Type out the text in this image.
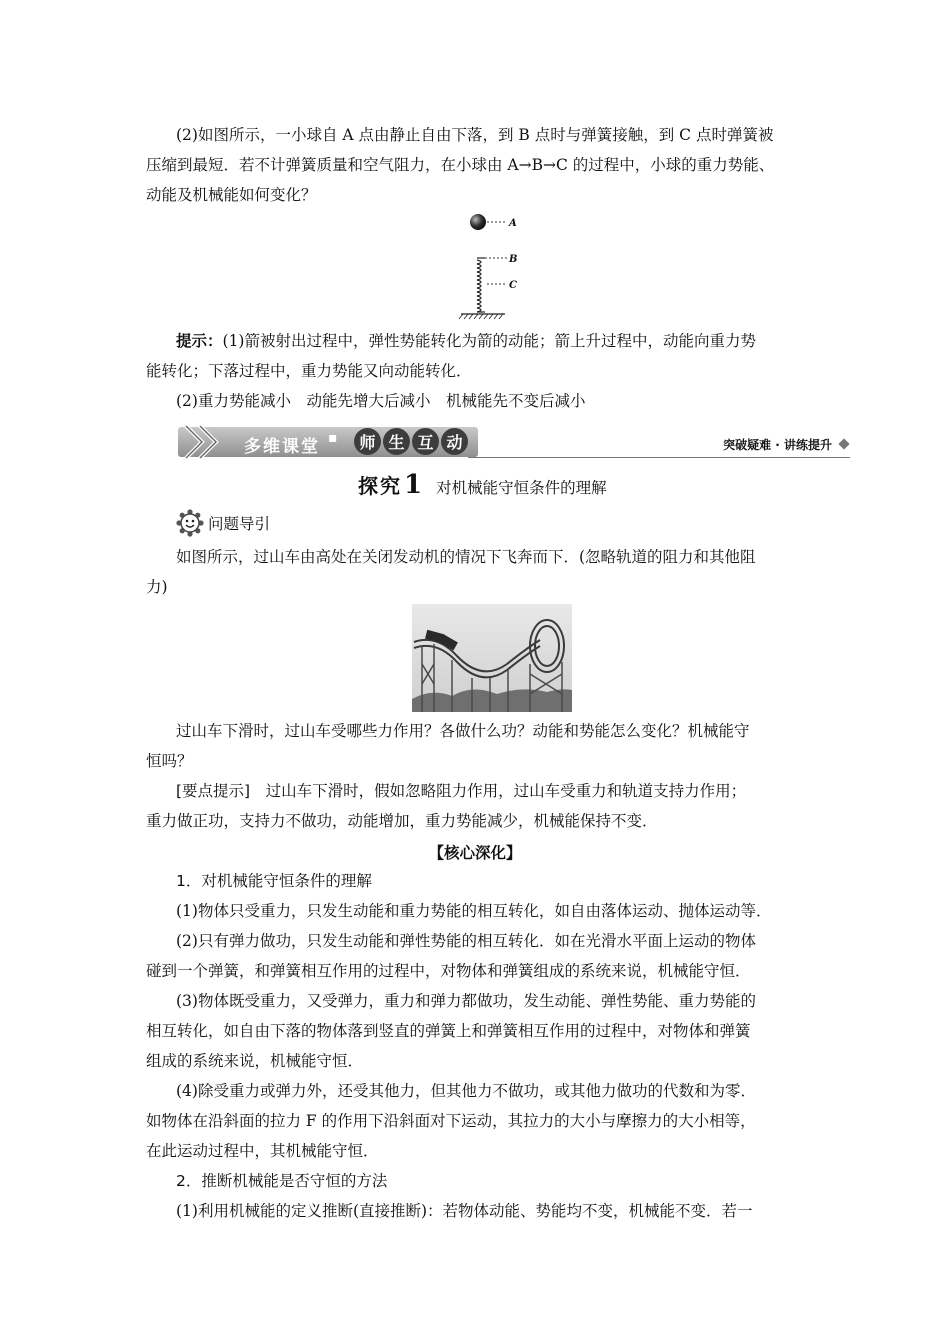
(2)如图所示，一小球自 A 点由静止自由下落，到 B 点时与弹簧接触，到 C 点时弹簧被
压缩到最短．若不计弹簧质量和空气阻力，在小球由 A→B→C 的过程中，小球的重力势能、
动能及机械能如何变化？
A
B
C
提示：(1)箭被射出过程中，弹性势能转化为箭的动能；箭上升过程中，动能向重力势
能转化；下落过程中，重力势能又向动能转化．
(2)重力势能减小　动能先增大后减小　机械能先不变后减小
多维课堂 ▪	师 生 互 动	突破疑难 · 讲练提升
探究1 对机械能守恒条件的理解
问题导引
如图所示，过山车由高处在关闭发动机的情况下飞奔而下．(忽略轨道的阻力和其他阻
力)
过山车下滑时，过山车受哪些力作用？各做什么功？动能和势能怎么变化？机械能守
恒吗？
[要点提示]　过山车下滑时，假如忽略阻力作用，过山车受重力和轨道支持力作用；
重力做正功，支持力不做功，动能增加，重力势能减少，机械能保持不变．
【核心深化】
1．对机械能守恒条件的理解
(1)物体只受重力，只发生动能和重力势能的相互转化，如自由落体运动、抛体运动等．
(2)只有弹力做功，只发生动能和弹性势能的相互转化．如在光滑水平面上运动的物体
碰到一个弹簧，和弹簧相互作用的过程中，对物体和弹簧组成的系统来说，机械能守恒．
(3)物体既受重力，又受弹力，重力和弹力都做功，发生动能、弹性势能、重力势能的
相互转化，如自由下落的物体落到竖直的弹簧上和弹簧相互作用的过程中，对物体和弹簧
组成的系统来说，机械能守恒．
(4)除受重力或弹力外，还受其他力，但其他力不做功，或其他力做功的代数和为零．
如物体在沿斜面的拉力 F 的作用下沿斜面对下运动，其拉力的大小与摩擦力的大小相等，
在此运动过程中，其机械能守恒．
2．推断机械能是否守恒的方法
(1)利用机械能的定义推断(直接推断)：若物体动能、势能均不变，机械能不变．若一
